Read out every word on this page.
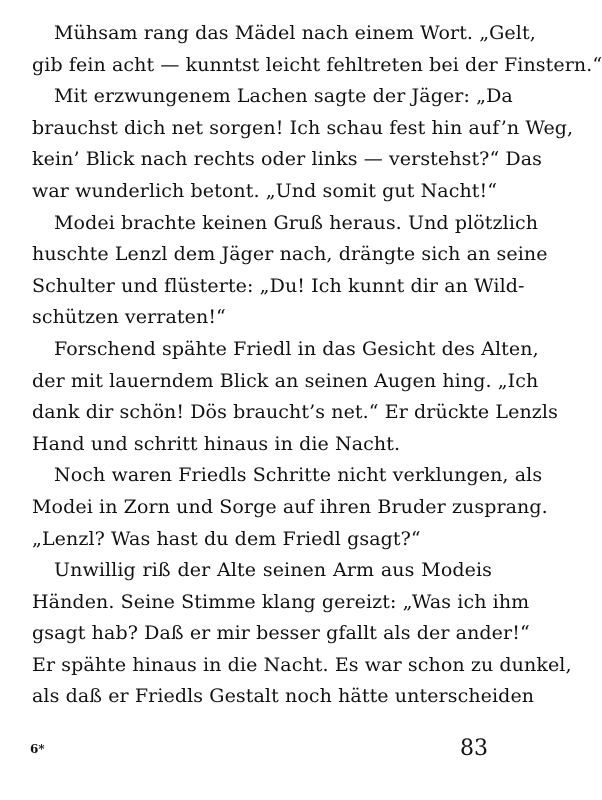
Mühsam rang das Mädel nach einem Wort. „Gelt,
gib fein acht — kunntst leicht fehltreten bei der Finstern.“
Mit erzwungenem Lachen sagte der Jäger: „Da
brauchst dich net sorgen! Ich schau fest hin auf’n Weg,
kein’ Blick nach rechts oder links — verstehst?“ Das
war wunderlich betont. „Und somit gut Nacht!“
Modei brachte keinen Gruß heraus. Und plötzlich
huschte Lenzl dem Jäger nach, drängte sich an seine
Schulter und flüsterte: „Du! Ich kunnt dir an Wild-
schützen verraten!“
Forschend spähte Friedl in das Gesicht des Alten,
der mit lauerndem Blick an seinen Augen hing. „Ich
dank dir schön! Dös braucht’s net.“ Er drückte Lenzls
Hand und schritt hinaus in die Nacht.
Noch waren Friedls Schritte nicht verklungen, als
Modei in Zorn und Sorge auf ihren Bruder zusprang.
„Lenzl? Was hast du dem Friedl gsagt?“
Unwillig riß der Alte seinen Arm aus Modeis
Händen. Seine Stimme klang gereizt: „Was ich ihm
gsagt hab? Daß er mir besser gfallt als der ander!“
Er spähte hinaus in die Nacht. Es war schon zu dunkel,
als daß er Friedls Gestalt noch hätte unterscheiden
6*	83
